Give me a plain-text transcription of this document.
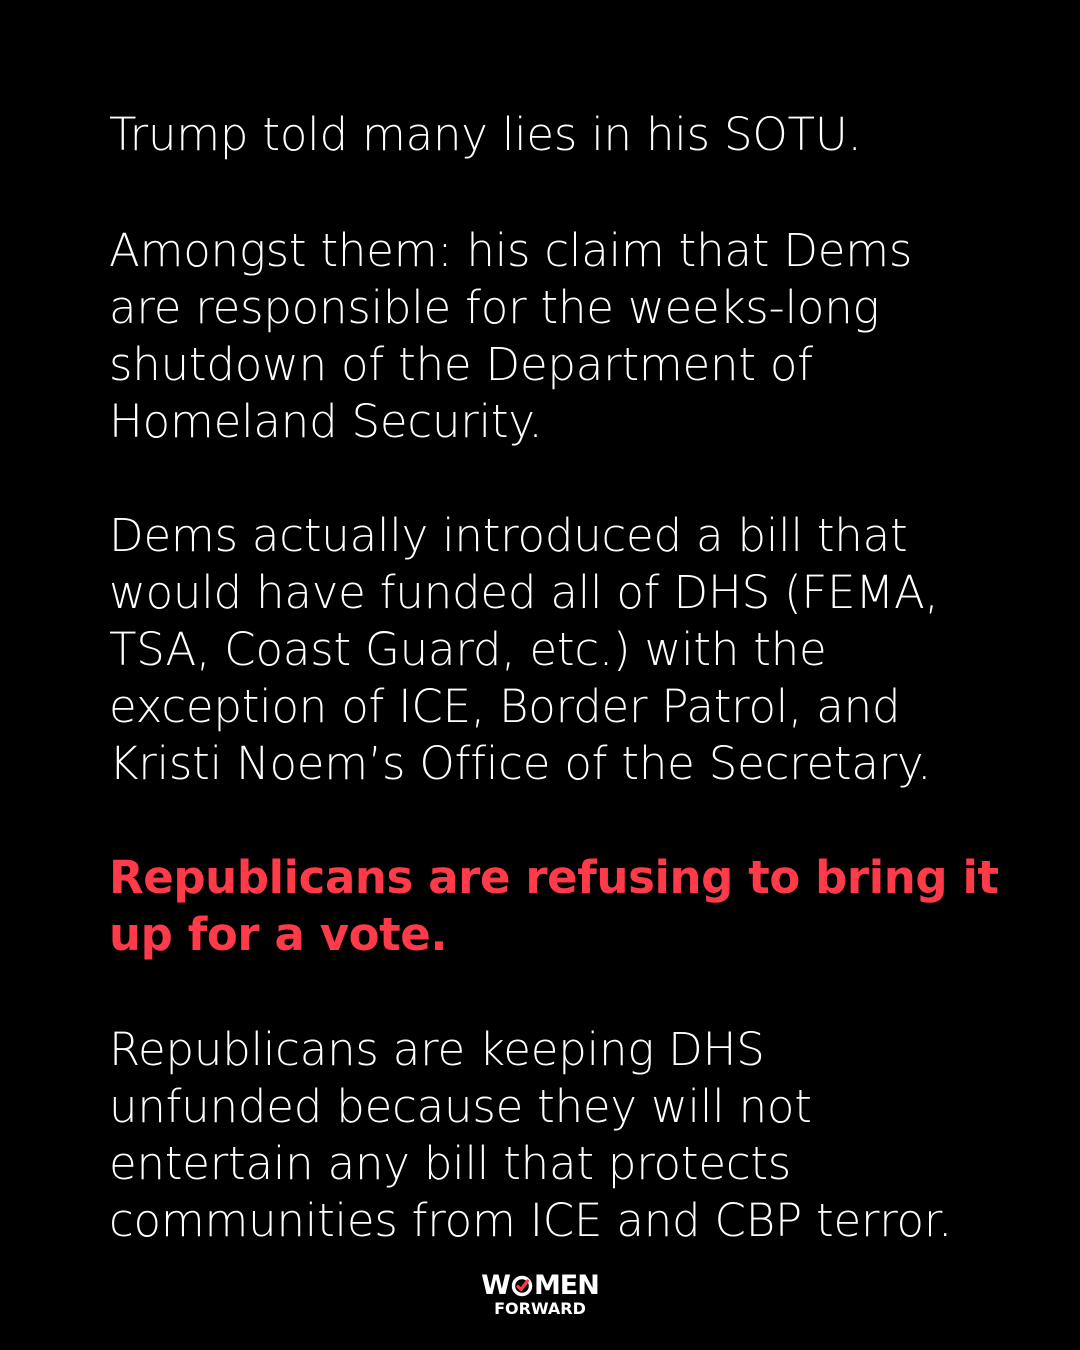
Trump told many lies in his SOTU.

Amongst them: his claim that Dems
are responsible for the weeks-long
shutdown of the Department of
Homeland Security.

Dems actually introduced a bill that
would have funded all of DHS (FEMA,
TSA, Coast Guard, etc.) with the
exception of ICE, Border Patrol, and
Kristi Noem’s Office of the Secretary.

Republicans are refusing to bring it
up for a vote.

Republicans are keeping DHS
unfunded because they will not
entertain any bill that protects
communities from ICE and CBP terror.

W MEN
FORWARD
